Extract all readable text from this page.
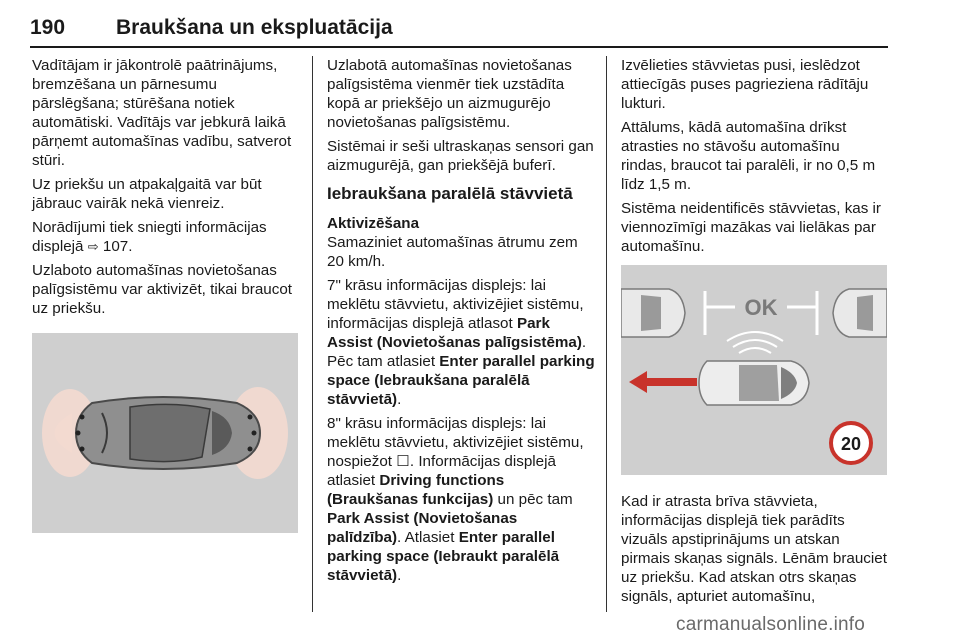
190 Braukšana un ekspluatācija

Vadītājam ir jākontrolē paātrinājums, bremzēšana un pārnesumu pārslēgšana; stūrēšana notiek automātiski. Vadītājs var jebkurā laikā pārņemt automašīnas vadību, satverot stūri.

Uz priekšu un atpakaļgaitā var būt jābrauc vairāk nekā vienreiz.

Norādījumi tiek sniegti informācijas displejā ⇨ 107.

Uzlaboto automašīnas novietošanas palīgsistēmu var aktivizēt, tikai braucot uz priekšu.

Uzlabotā automašīnas novietošanas palīgsistēma vienmēr tiek uzstādīta kopā ar priekšējo un aizmugurējo novietošanas palīgsistēmu.

Sistēmai ir seši ultraskaņas sensori gan aizmugurējā, gan priekšējā buferī.

Iebraukšana paralēlā stāvvietā
Aktivizēšana

Samaziniet automašīnas ātrumu zem 20 km/h.

7" krāsu informācijas displejs: lai meklētu stāvvietu, aktivizējiet sistēmu, informācijas displejā atlasot Park Assist (Novietošanas palīgsistēma). Pēc tam atlasiet Enter parallel parking space (Iebraukšana paralēlā stāvvietā).

8" krāsu informācijas displejs: lai meklētu stāvvietu, aktivizējiet sistēmu, nospiežot ☐. Informācijas displejā atlasiet Driving functions (Braukšanas funkcijas) un pēc tam Park Assist (Novietošanas palīdzība). Atlasiet Enter parallel parking space (Iebraukt paralēlā stāvvietā).

Izvēlieties stāvvietas pusi, ieslēdzot attiecīgās puses pagrieziena rādītāju lukturi.

Attālums, kādā automašīna drīkst atrasties no stāvošu automašīnu rindas, braucot tai paralēli, ir no 0,5 m līdz 1,5 m.

Sistēma neidentificēs stāvvietas, kas ir viennozīmīgi mazākas vai lielākas par automašīnu.

OK
20

Kad ir atrasta brīva stāvvieta, informācijas displejā tiek parādīts vizuāls apstiprinājums un atskan pirmais skaņas signāls. Lēnām brauciet uz priekšu. Kad atskan otrs skaņas signāls, apturiet automašīnu,

carmanualsonline.info
